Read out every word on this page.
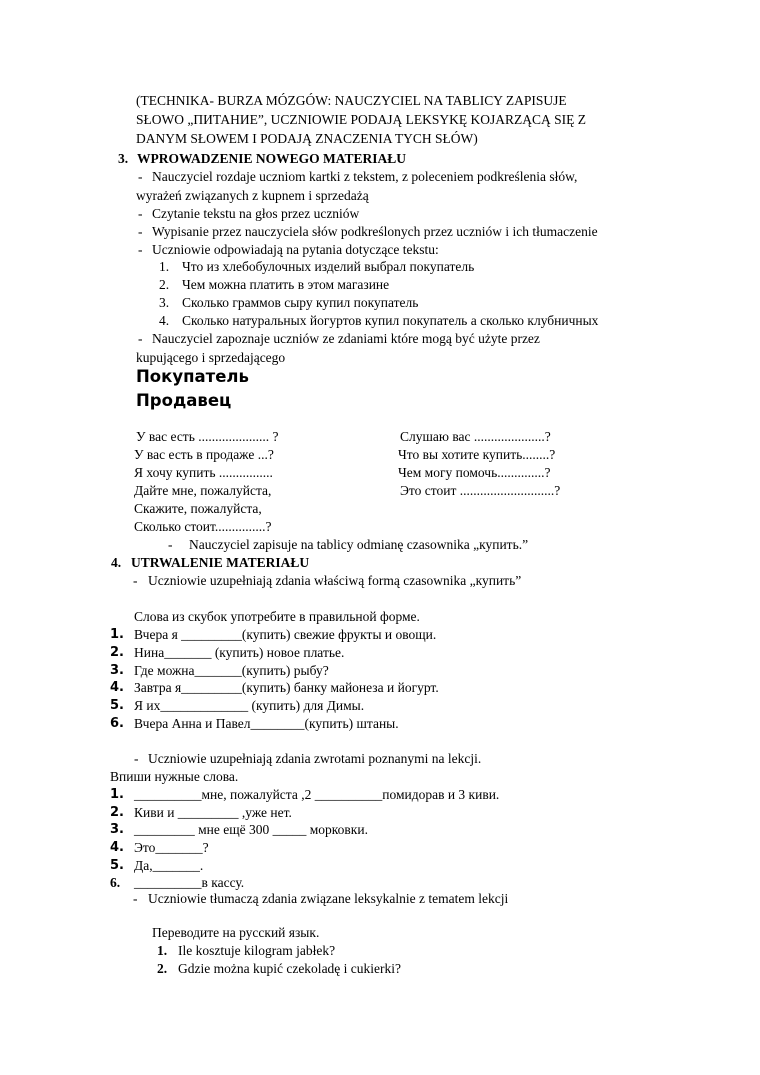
(TECHNIKA- BURZA MÓZGÓW: NAUCZYCIEL NA TABLICY ZAPISUJE
SŁOWO „ПИТАНИЕ”, UCZNIOWIE PODAJĄ LEKSYKĘ KOJARZĄCĄ SIĘ Z
DANYM SŁOWEM I PODAJĄ ZNACZENIA TYCH SŁÓW)
3. WPROWADZENIE NOWEGO MATERIAŁU
- Nauczyciel rozdaje uczniom kartki z tekstem, z poleceniem podkreślenia słów,
wyrażeń związanych z kupnem i sprzedażą
- Czytanie tekstu na głos przez uczniów
- Wypisanie przez nauczyciela słów podkreślonych przez uczniów i ich tłumaczenie
- Uczniowie odpowiadają na pytania dotyczące tekstu:
1. Что из хлебобулочных изделий выбрал покупатель
2. Чем можна платить в этом магазине
3. Сколько граммов сыру купил покупатель
4. Сколько натуральных йогуртов купил покупатель а сколько клубничных
- Nauczyciel zapoznaje uczniów ze zdaniami które mogą być użyte przez
kupującego i sprzedającego
Покупатель
Продавец
У вас есть ..................... ?
У вас есть в продаже ...?
Я хочу купить ................
Дайте мне, пожалуйста,
Скажите, пожалуйста,
Сколько стоит...............?
Слушаю вас .....................?
Что вы хотите купить........?
Чем могу помочь..............?
Это стоит ............................?
- Nauczyciel zapisuje na tablicy odmianę czasownika „купить.”
4. UTRWALENIE MATERIAŁU
- Uczniowie uzupełniają zdania właściwą formą czasownika „купить”
Слова из скубок употребите в правильной форме.
1. Вчера я _________(купить) свежие фрукты и овощи.
2. Нина_______ (купить) новое платье.
3. Где можна_______(купить) рыбу?
4. Завтра я_________(купить) банку майонеза и йогурт.
5. Я их_____________ (купить) для Димы.
6. Вчера Анна и Павел________(купить) штаны.
- Uczniowie uzupełniają zdania zwrotami poznanymi na lekcji.
Впиши нужные слова.
1. __________мне, пожалуйста ,2 __________помидорав и 3 киви.
2. Киви и _________ ,уже нет.
3. _________ мне ещё 300 _____ морковки.
4. Это_______?
5. Да,_______.
6. __________в кассу.
- Uczniowie tłumaczą zdania związane leksykalnie z tematem lekcji
Переводите на русский язык.
1. Ile kosztuje kilogram jabłek?
2. Gdzie można kupić czekoladę i cukierki?
